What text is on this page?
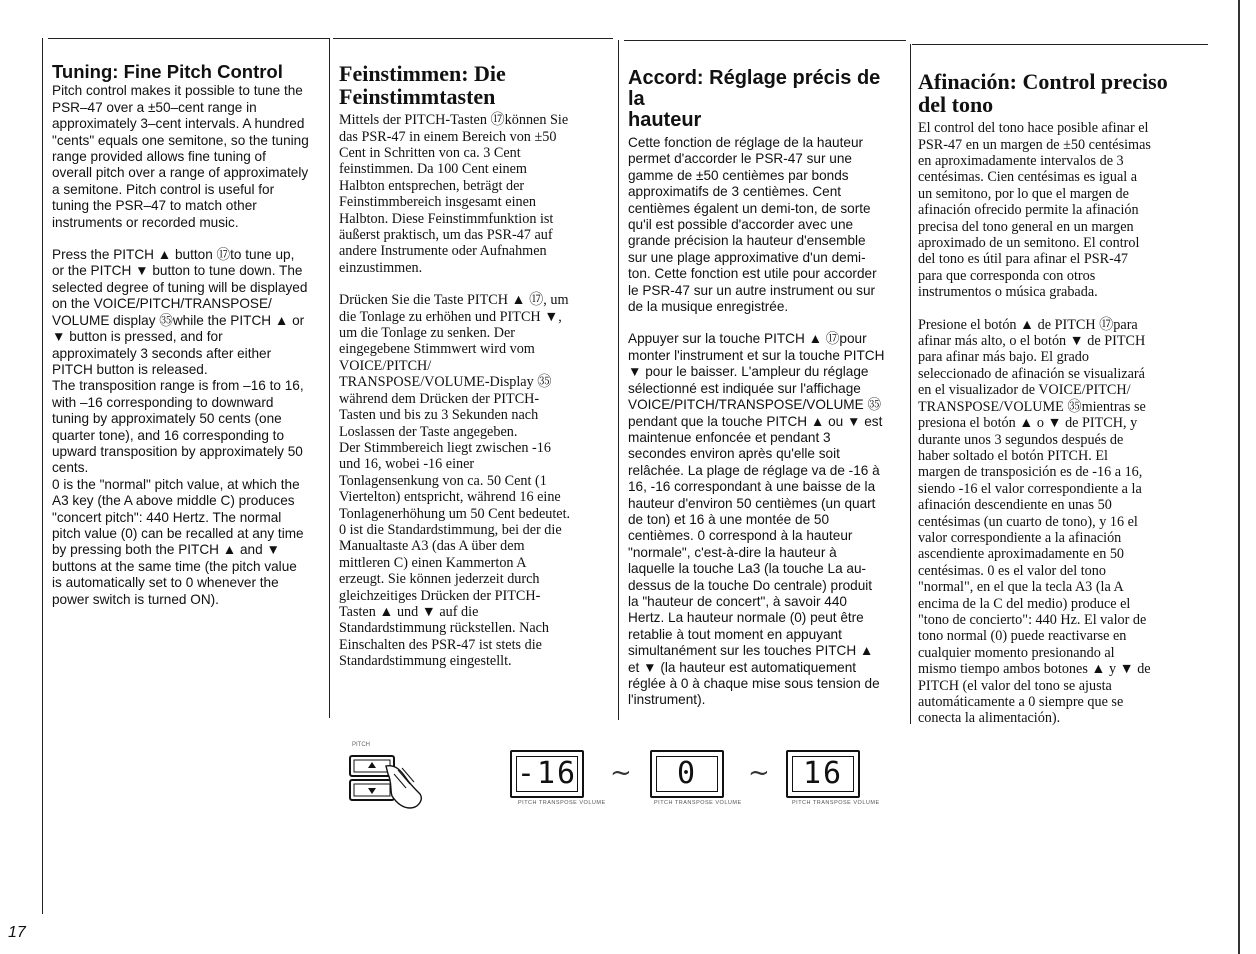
Tuning: Fine Pitch Control

Pitch control makes it possible to tune the
PSR–47 over a ±50–cent range in
approximately 3–cent intervals. A hundred
"cents" equals one semitone, so the tuning
range provided allows fine tuning of
overall pitch over a range of approximately
a semitone. Pitch control is useful for
tuning the PSR–47 to match other
instruments or recorded music.

Press the PITCH ▲ button ⑰to tune up,
or the PITCH ▼ button to tune down. The
selected degree of tuning will be displayed
on the VOICE/PITCH/TRANSPOSE/
VOLUME display ㉟while the PITCH ▲ or
▼ button is pressed, and for
approximately 3 seconds after either
PITCH button is released.
The transposition range is from –16 to 16,
with –16 corresponding to downward
tuning by approximately 50 cents (one
quarter tone), and 16 corresponding to
upward transposition by approximately 50
cents.
0 is the "normal" pitch value, at which the
A3 key (the A above middle C) produces
"concert pitch": 440 Hertz. The normal
pitch value (0) can be recalled at any time
by pressing both the PITCH ▲ and ▼
buttons at the same time (the pitch value
is automatically set to 0 whenever the
power switch is turned ON).

Feinstimmen: Die
Feinstimmtasten

Mittels der PITCH-Tasten ⑰können Sie
das PSR-47 in einem Bereich von ±50
Cent in Schritten von ca. 3 Cent
feinstimmen. Da 100 Cent einem
Halbton entsprechen, beträgt der
Feinstimmbereich insgesamt einen
Halbton. Diese Feinstimmfunktion ist
äußerst praktisch, um das PSR-47 auf
andere Instrumente oder Aufnahmen
einzustimmen.

Drücken Sie die Taste PITCH ▲ ⑰, um
die Tonlage zu erhöhen und PITCH ▼,
um die Tonlage zu senken. Der
eingegebene Stimmwert wird vom
VOICE/PITCH/
TRANSPOSE/VOLUME-Display ㉟
während dem Drücken der PITCH-
Tasten und bis zu 3 Sekunden nach
Loslassen der Taste angegeben.
Der Stimmbereich liegt zwischen -16
und 16, wobei -16 einer
Tonlagensenkung von ca. 50 Cent (1
Viertelton) entspricht, während 16 eine
Tonlagenerhöhung um 50 Cent bedeutet.
0 ist die Standardstimmung, bei der die
Manualtaste A3 (das A über dem
mittleren C) einen Kammerton A
erzeugt. Sie können jederzeit durch
gleichzeitiges Drücken der PITCH-
Tasten ▲ und ▼ auf die
Standardstimmung rückstellen. Nach
Einschalten des PSR-47 ist stets die
Standardstimmung eingestellt.

Accord: Réglage précis de la
hauteur

Cette fonction de réglage de la hauteur
permet d'accorder le PSR-47 sur une
gamme de ±50 centièmes par bonds
approximatifs de 3 centièmes. Cent
centièmes égalent un demi-ton, de sorte
qu'il est possible d'accorder avec une
grande précision la hauteur d'ensemble
sur une plage approximative d'un demi-
ton. Cette fonction est utile pour accorder
le PSR-47 sur un autre instrument ou sur
de la musique enregistrée.

Appuyer sur la touche PITCH ▲ ⑰pour
monter l'instrument et sur la touche PITCH
▼ pour le baisser. L'ampleur du réglage
sélectionné est indiquée sur l'affichage
VOICE/PITCH/TRANSPOSE/VOLUME ㉟
pendant que la touche PITCH ▲ ou ▼ est
maintenue enfoncée et pendant 3
secondes environ après qu'elle soit
relâchée. La plage de réglage va de -16 à
16, -16 correspondant à une baisse de la
hauteur d'environ 50 centièmes (un quart
de ton) et 16 à une montée de 50
centièmes. 0 correspond à la hauteur
"normale", c'est-à-dire la hauteur à
laquelle la touche La3 (la touche La au-
dessus de la touche Do centrale) produit
la "hauteur de concert", à savoir 440
Hertz. La hauteur normale (0) peut être
retablie à tout moment en appuyant
simultanément sur les touches PITCH ▲
et ▼ (la hauteur est automatiquement
réglée à 0 à chaque mise sous tension de
l'instrument).

Afinación: Control preciso
del tono

El control del tono hace posible afinar el
PSR-47 en un margen de ±50 centésimas
en aproximadamente intervalos de 3
centésimas. Cien centésimas es igual a
un semitono, por lo que el margen de
afinación ofrecido permite la afinación
precisa del tono general en un margen
aproximado de un semitono. El control
del tono es útil para afinar el PSR-47
para que corresponda con otros
instrumentos o música grabada.

Presione el botón ▲ de PITCH ⑰para
afinar más alto, o el botón ▼ de PITCH
para afinar más bajo. El grado
seleccionado de afinación se visualizará
en el visualizador de VOICE/PITCH/
TRANSPOSE/VOLUME ㉟mientras se
presiona el botón ▲ o ▼ de PITCH, y
durante unos 3 segundos después de
haber soltado el botón PITCH. El
margen de transposición es de -16 a 16,
siendo -16 el valor correspondiente a la
afinación descendiente en unas 50
centésimas (un cuarto de tono), y 16 el
valor correspondiente a la afinación
ascendiente aproximadamente en 50
centésimas. 0 es el valor del tono
"normal", en el que la tecla A3 (la A
encima de la C del medio) produce el
"tono de concierto": 440 Hz. El valor de
tono normal (0) puede reactivarse en
cualquier momento presionando al
mismo tiempo ambos botones ▲ y ▼ de
PITCH (el valor del tono se ajusta
automáticamente a 0 siempre que se
conecta la alimentación).

PITCH
-16
PITCH TRANSPOSE VOLUME
~ 0
PITCH TRANSPOSE VOLUME
~ 16
PITCH TRANSPOSE VOLUME
17
